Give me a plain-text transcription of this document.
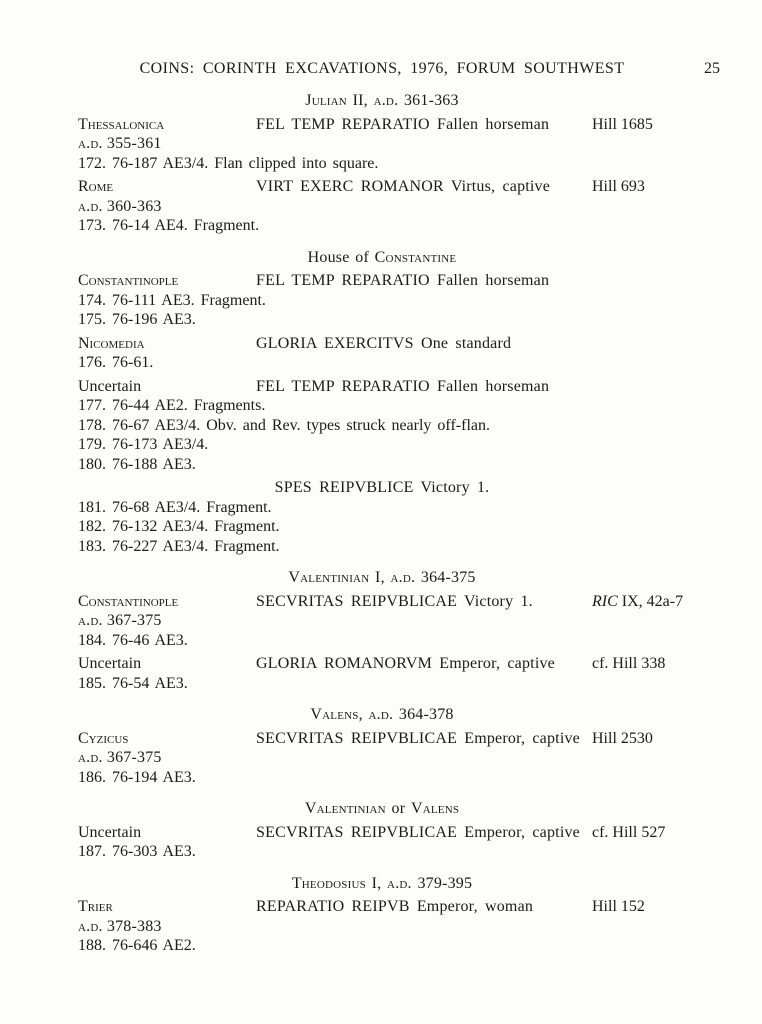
COINS: CORINTH EXCAVATIONS, 1976, FORUM SOUTHWEST	25
Julian II, a.d. 361-363
Thessalonica	FEL TEMP REPARATIO Fallen horseman	Hill 1685
a.d. 355-361
172. 76-187 AE3/4. Flan clipped into square.
Rome	VIRT EXERC ROMANOR Virtus, captive	Hill 693
a.d. 360-363
173. 76-14 AE4. Fragment.
House of Constantine
Constantinople	FEL TEMP REPARATIO Fallen horseman
174. 76-111 AE3. Fragment.
175. 76-196 AE3.
Nicomedia	GLORIA EXERCITVS One standard
176. 76-61.
Uncertain	FEL TEMP REPARATIO Fallen horseman
177. 76-44 AE2. Fragments.
178. 76-67 AE3/4. Obv. and Rev. types struck nearly off-flan.
179. 76-173 AE3/4.
180. 76-188 AE3.
SPES REIPVBLICE Victory 1.
181. 76-68 AE3/4. Fragment.
182. 76-132 AE3/4. Fragment.
183. 76-227 AE3/4. Fragment.
Valentinian I, a.d. 364-375
Constantinople	SECVRITAS REIPVBLICAE Victory 1.	RIC IX, 42a-7
a.d. 367-375
184. 76-46 AE3.
Uncertain	GLORIA ROMANORVM Emperor, captive	cf. Hill 338
185. 76-54 AE3.
Valens, a.d. 364-378
Cyzicus	SECVRITAS REIPVBLICAE Emperor, captive Hill 2530
a.d. 367-375
186. 76-194 AE3.
Valentinian or Valens
Uncertain	SECVRITAS REIPVBLICAE Emperor, captive cf. Hill 527
187. 76-303 AE3.
Theodosius I, a.d. 379-395
Trier	REPARATIO REIPVB Emperor, woman	Hill 152
a.d. 378-383
188. 76-646 AE2.
